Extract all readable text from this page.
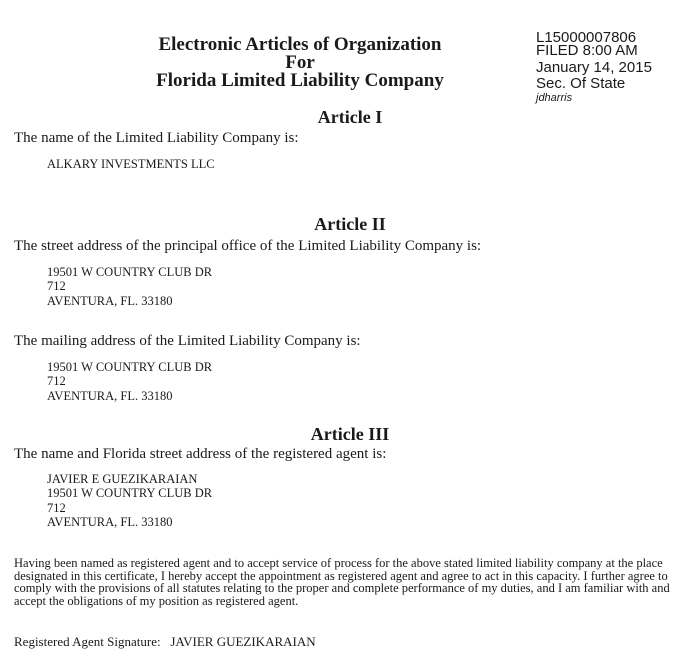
Electronic Articles of Organization
For
Florida Limited Liability Company
L15000007806
FILED 8:00 AM
January 14, 2015
Sec. Of State
jdharris
Article I
The name of the Limited Liability Company is:
ALKARY INVESTMENTS LLC
Article II
The street address of the principal office of the Limited Liability Company is:
19501 W COUNTRY CLUB DR
712
AVENTURA, FL. 33180
The mailing address of the Limited Liability Company is:
19501 W COUNTRY CLUB DR
712
AVENTURA, FL. 33180
Article III
The name and Florida street address of the registered agent is:
JAVIER E GUEZIKARAIAN
19501 W COUNTRY CLUB DR
712
AVENTURA, FL. 33180
Having been named as registered agent and to accept service of process for the above stated limited liability company at the place designated in this certificate, I hereby accept the appointment as registered agent and agree to act in this capacity. I further agree to comply with the provisions of all statutes relating to the proper and complete performance of my duties, and I am familiar with and accept the obligations of my position as registered agent.
Registered Agent Signature: JAVIER GUEZIKARAIAN
